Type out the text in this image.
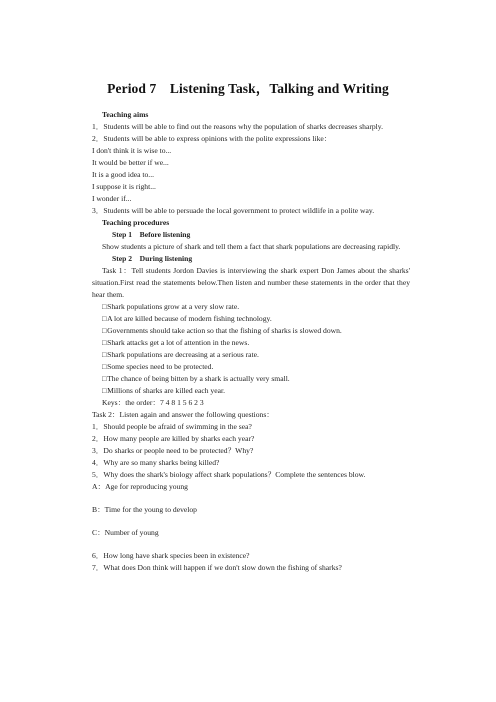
Period 7　Listening Task，Talking and Writing

Teaching aims

1．Students will be able to find out the reasons why the population of sharks decreases sharply.

2．Students will be able to express opinions with the polite expressions like：

I don't think it is wise to...

It would be better if we...

It is a good idea to...

I suppose it is right...

I wonder if...

3．Students will be able to persuade the local government to protect wildlife in a polite way.

Teaching procedures

Step 1　Before listening

Show students a picture of shark and tell them a fact that shark populations are decreasing rapidly.

Step 2　During listening

Task 1：Tell students Jordon Davies is interviewing the shark expert Don James about the sharks' situation.First read the statements below.Then listen and number these statements in the order that they hear them.

□ Shark populations grow at a very slow rate.

□ A lot are killed because of modern fishing technology.

□ Governments should take action so that the fishing of sharks is slowed down.

□ Shark attacks get a lot of attention in the news.

□ Shark populations are decreasing at a serious rate.

□ Some species need to be protected.

□ The chance of being bitten by a shark is actually very small.

□ Millions of sharks are killed each year.

Keys：the order：7 4 8 1 5 6 2 3

Task 2：Listen again and answer the following questions：

1．Should people be afraid of swimming in the sea?

2．How many people are killed by sharks each year?

3．Do sharks or people need to be protected？Why?

4．Why are so many sharks being killed?

5．Why does the shark's biology affect shark populations？Complete the sentences blow.

A：Age for reproducing young

B：Time for the young to develop

C：Number of young

6．How long have shark species been in existence?

7．What does Don think will happen if we don't slow down the fishing of sharks?
